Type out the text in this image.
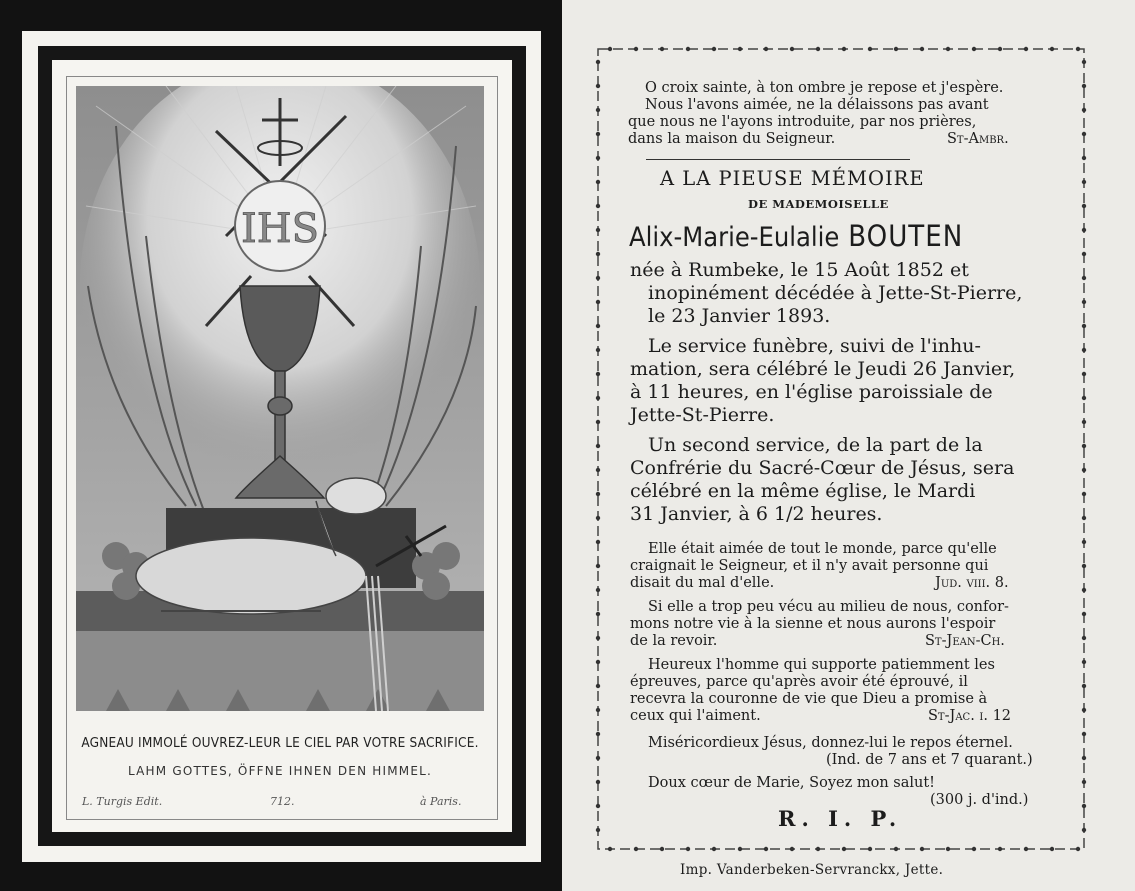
IHS
AGNEAU IMMOLÉ OUVREZ-LEUR LE CIEL PAR VOTRE SACRIFICE.
LAHM GOTTES, ÖFFNE IHNEN DEN HIMMEL.
L. Turgis Edit.	712.	à Paris.
O croix sainte, à ton ombre je repose et j'espère.
Nous l'avons aimée, ne la délaissons pas avant
que nous ne l'ayons introduite, par nos prières,
dans la maison du Seigneur.	St-Ambr.
A LA PIEUSE MÉMOIRE
DE MADEMOISELLE
Alix-Marie-Eulalie BOUTEN
née à Rumbeke, le 15 Août 1852 et
inopinément décédée à Jette-St-Pierre,
le 23 Janvier 1893.
Le service funèbre, suivi de l'inhu-
mation, sera célébré le Jeudi 26 Janvier,
à 11 heures, en l'église paroissiale de
Jette-St-Pierre.
Un second service, de la part de la
Confrérie du Sacré-Cœur de Jésus, sera
célébré en la même église, le Mardi
31 Janvier, à 6 1/2 heures.
Elle était aimée de tout le monde, parce qu'elle
craignait le Seigneur, et il n'y avait personne qui
disait du mal d'elle.	Jud. viii. 8.
Si elle a trop peu vécu au milieu de nous, confor-
mons notre vie à la sienne et nous aurons l'espoir
de la revoir.	St-Jean-Ch.
Heureux l'homme qui supporte patiemment les
épreuves, parce qu'après avoir été éprouvé, il
recevra la couronne de vie que Dieu a promise à
ceux qui l'aiment.	St-Jac. i. 12
Miséricordieux Jésus, donnez-lui le repos éternel.
(Ind. de 7 ans et 7 quarant.)
Doux cœur de Marie, Soyez mon salut!
(300 j. d'ind.)
R. I. P.
Imp. Vanderbeken-Servranckx, Jette.
